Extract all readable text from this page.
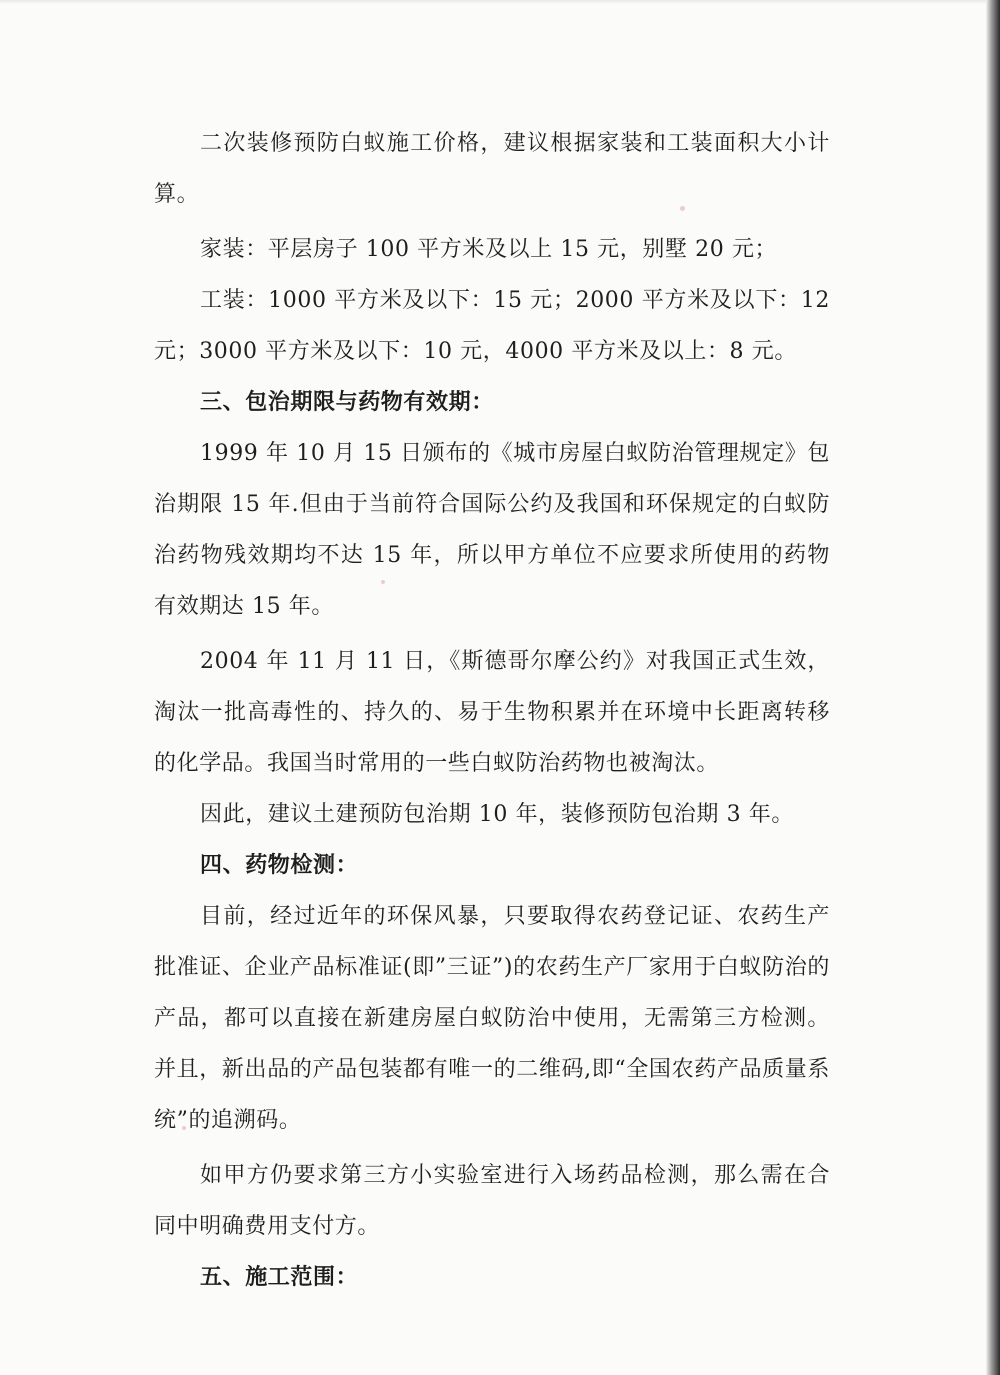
二次装修预防白蚁施工价格，建议根据家装和工装面积大小计算。

家装：平层房子 100 平方米及以上 15 元，别墅 20 元；

工装：1000 平方米及以下：15 元；2000 平方米及以下：12 元；3000 平方米及以下：10 元，4000 平方米及以上：8 元。

三、包治期限与药物有效期：

1999 年 10 月 15 日颁布的《城市房屋白蚁防治管理规定》包治期限 15 年.但由于当前符合国际公约及我国和环保规定的白蚁防治药物残效期均不达 15 年，所以甲方单位不应要求所使用的药物有效期达 15 年。

2004 年 11 月 11 日，《斯德哥尔摩公约》对我国正式生效，淘汰一批高毒性的、持久的、易于生物积累并在环境中长距离转移的化学品。我国当时常用的一些白蚁防治药物也被淘汰。

因此，建议土建预防包治期 10 年，装修预防包治期 3 年。

四、药物检测：

目前，经过近年的环保风暴，只要取得农药登记证、农药生产批准证、企业产品标准证(即”三证”)的农药生产厂家用于白蚁防治的产品，都可以直接在新建房屋白蚁防治中使用，无需第三方检测。并且，新出品的产品包装都有唯一的二维码,即“全国农药产品质量系统”的追溯码。

如甲方仍要求第三方小实验室进行入场药品检测，那么需在合同中明确费用支付方。

五、施工范围：
